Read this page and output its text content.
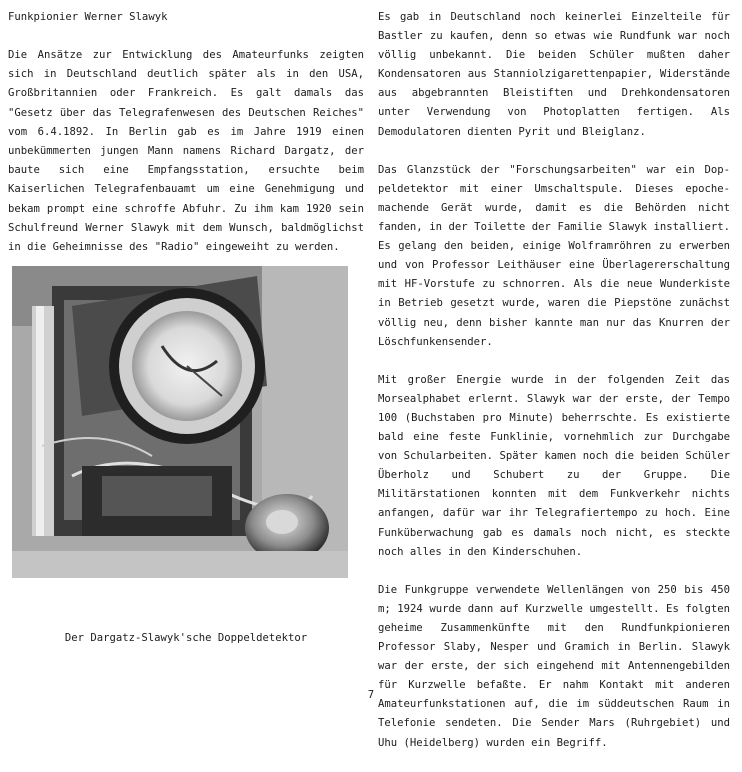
Funkpionier Werner Slawyk

Die Ansätze zur Entwicklung des Amateurfunks zeigten sich in Deutschland deutlich später als in den USA, Großbritannien oder Frankreich. Es galt damals das "Gesetz über das Telegrafenwesen des Deutschen Reiches" vom 6.4.1892. In Berlin gab es im Jahre 1919 einen unbekümmerten jungen Mann namens Richard Dargatz, der baute sich eine Empfangsstation, ersuchte beim Kaiserlichen Telegrafenbauamt um eine Genehmigung und bekam prompt eine schroffe Abfuhr. Zu ihm kam 1920 sein Schulfreund Werner Slawyk mit dem Wunsch, baldmöglichst in die Geheimnisse des "Radio" eingeweiht zu werden.

Der Dargatz-Slawyk'sche Doppeldetektor

Es gab in Deutschland noch keinerlei Einzelteile für Bastler zu kaufen, denn so etwas wie Rundfunk war noch völlig unbekannt. Die beiden Schüler mußten daher Kondensatoren aus Stanniolzigarettenpapier, Widerstände aus abgebrannten Bleistiften und Drehkondensatoren unter Verwendung von Photoplatten fertigen. Als Demodulatoren dienten Pyrit und Bleiglanz.

Das Glanzstück der "Forschungsarbeiten" war ein Doppeldetektor mit einer Umschaltspule. Dieses epochemachende Gerät wurde, damit es die Behörden nicht fanden, in der Toilette der Familie Slawyk installiert. Es gelang den beiden, einige Wolframröhren zu erwerben und von Professor Leithäuser eine Überlagererschaltung mit HF-Vorstufe zu schnorren. Als die neue Wunderkiste in Betrieb gesetzt wurde, waren die Piepstöne zunächst völlig neu, denn bisher kannte man nur das Knurren der Löschfunkensender.

Mit großer Energie wurde in der folgenden Zeit das Morsealphabet erlernt. Slawyk war der erste, der Tempo 100 (Buchstaben pro Minute) beherrschte. Es existierte bald eine feste Funklinie, vornehmlich zur Durchgabe von Schularbeiten. Später kamen noch die beiden Schüler Überholz und Schubert zu der Gruppe. Die Militärstationen konnten mit dem Funkverkehr nichts anfangen, dafür war ihr Telegrafiertempo zu hoch. Eine Funküberwachung gab es damals noch nicht, es steckte noch alles in den Kinderschuhen.

Die Funkgruppe verwendete Wellenlängen von 250 bis 450 m; 1924 wurde dann auf Kurzwelle umgestellt. Es folgten geheime Zusammenkünfte mit den Rundfunkpionieren Professor Slaby, Nesper und Gramich in Berlin. Slawyk war der erste, der sich eingehend mit Antennengebilden für Kurzwelle befaßte. Er nahm Kontakt mit anderen Amateurfunkstationen auf, die im süddeutschen Raum in Telefonie sendeten. Die Sender Mars (Ruhrgebiet) und Uhu (Heidelberg) wurden ein Begriff.

7
